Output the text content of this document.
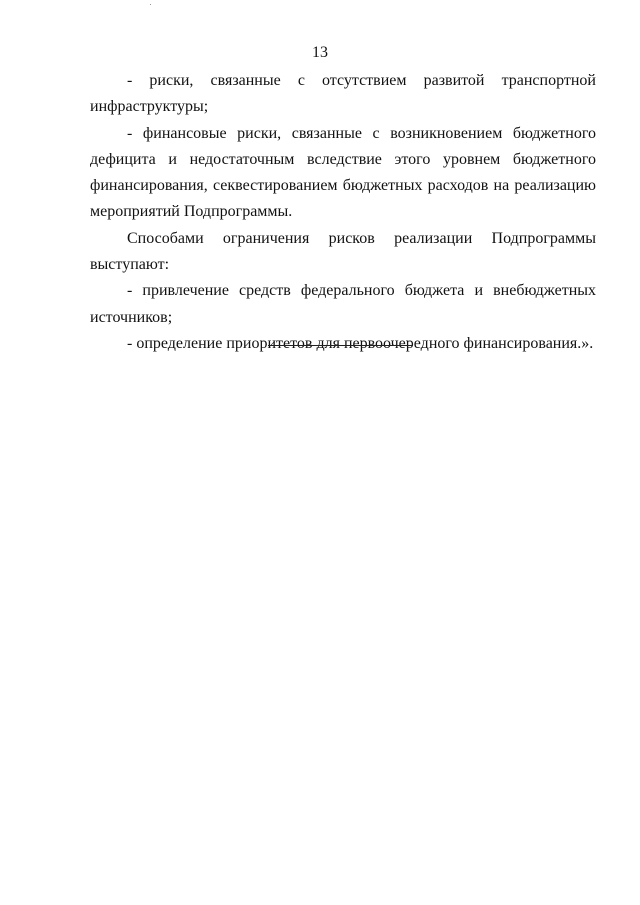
13

- риски, связанные с отсутствием развитой транспортной инфраструктуры;

- финансовые риски, связанные с возникновением бюджетного дефицита и недостаточным вследствие этого уровнем бюджетного финансирования, секвестированием бюджетных расходов на реализацию мероприятий Подпрограммы.

Способами ограничения рисков реализации Подпрограммы выступают:

- привлечение средств федерального бюджета и внебюджетных источников;

- определение приоритетов для первоочередного финансирования.».
